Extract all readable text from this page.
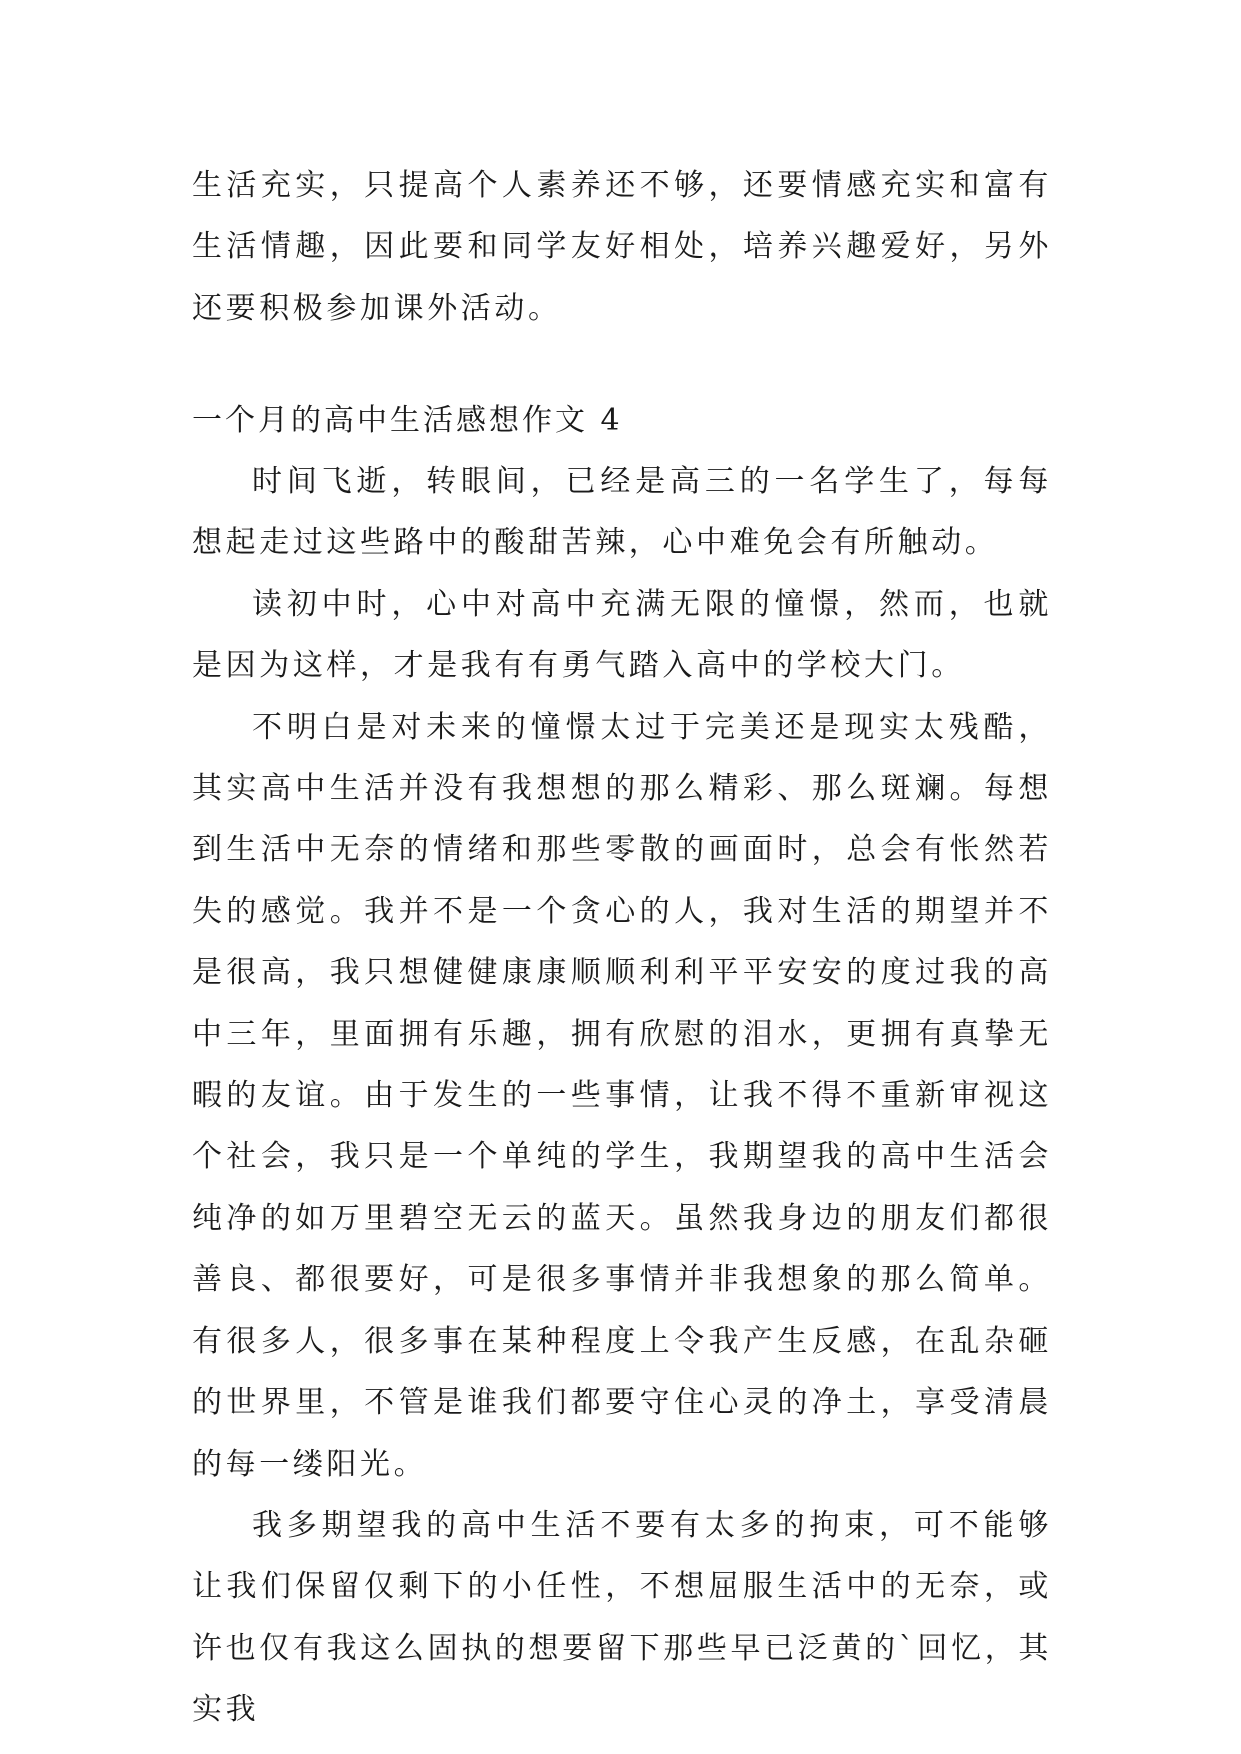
生活充实，只提高个人素养还不够，还要情感充实和富有生活情趣，因此要和同学友好相处，培养兴趣爱好，另外还要积极参加课外活动。

一个月的高中生活感想作文 4

时间飞逝，转眼间，已经是高三的一名学生了，每每想起走过这些路中的酸甜苦辣，心中难免会有所触动。

读初中时，心中对高中充满无限的憧憬，然而，也就是因为这样，才是我有有勇气踏入高中的学校大门。

不明白是对未来的憧憬太过于完美还是现实太残酷，其实高中生活并没有我想想的那么精彩、那么斑斓。每想到生活中无奈的情绪和那些零散的画面时，总会有怅然若失的感觉。我并不是一个贪心的人，我对生活的期望并不是很高，我只想健健康康顺顺利利平平安安的度过我的高中三年，里面拥有乐趣，拥有欣慰的泪水，更拥有真挚无暇的友谊。由于发生的一些事情，让我不得不重新审视这个社会，我只是一个单纯的学生，我期望我的高中生活会纯净的如万里碧空无云的蓝天。虽然我身边的朋友们都很善良、都很要好，可是很多事情并非我想象的那么简单。有很多人，很多事在某种程度上令我产生反感，在乱杂砸的世界里，不管是谁我们都要守住心灵的净土，享受清晨的每一缕阳光。

我多期望我的高中生活不要有太多的拘束，可不能够让我们保留仅剩下的小任性，不想屈服生活中的无奈，或许也仅有我这么固执的想要留下那些早已泛黄的`回忆，其实我
